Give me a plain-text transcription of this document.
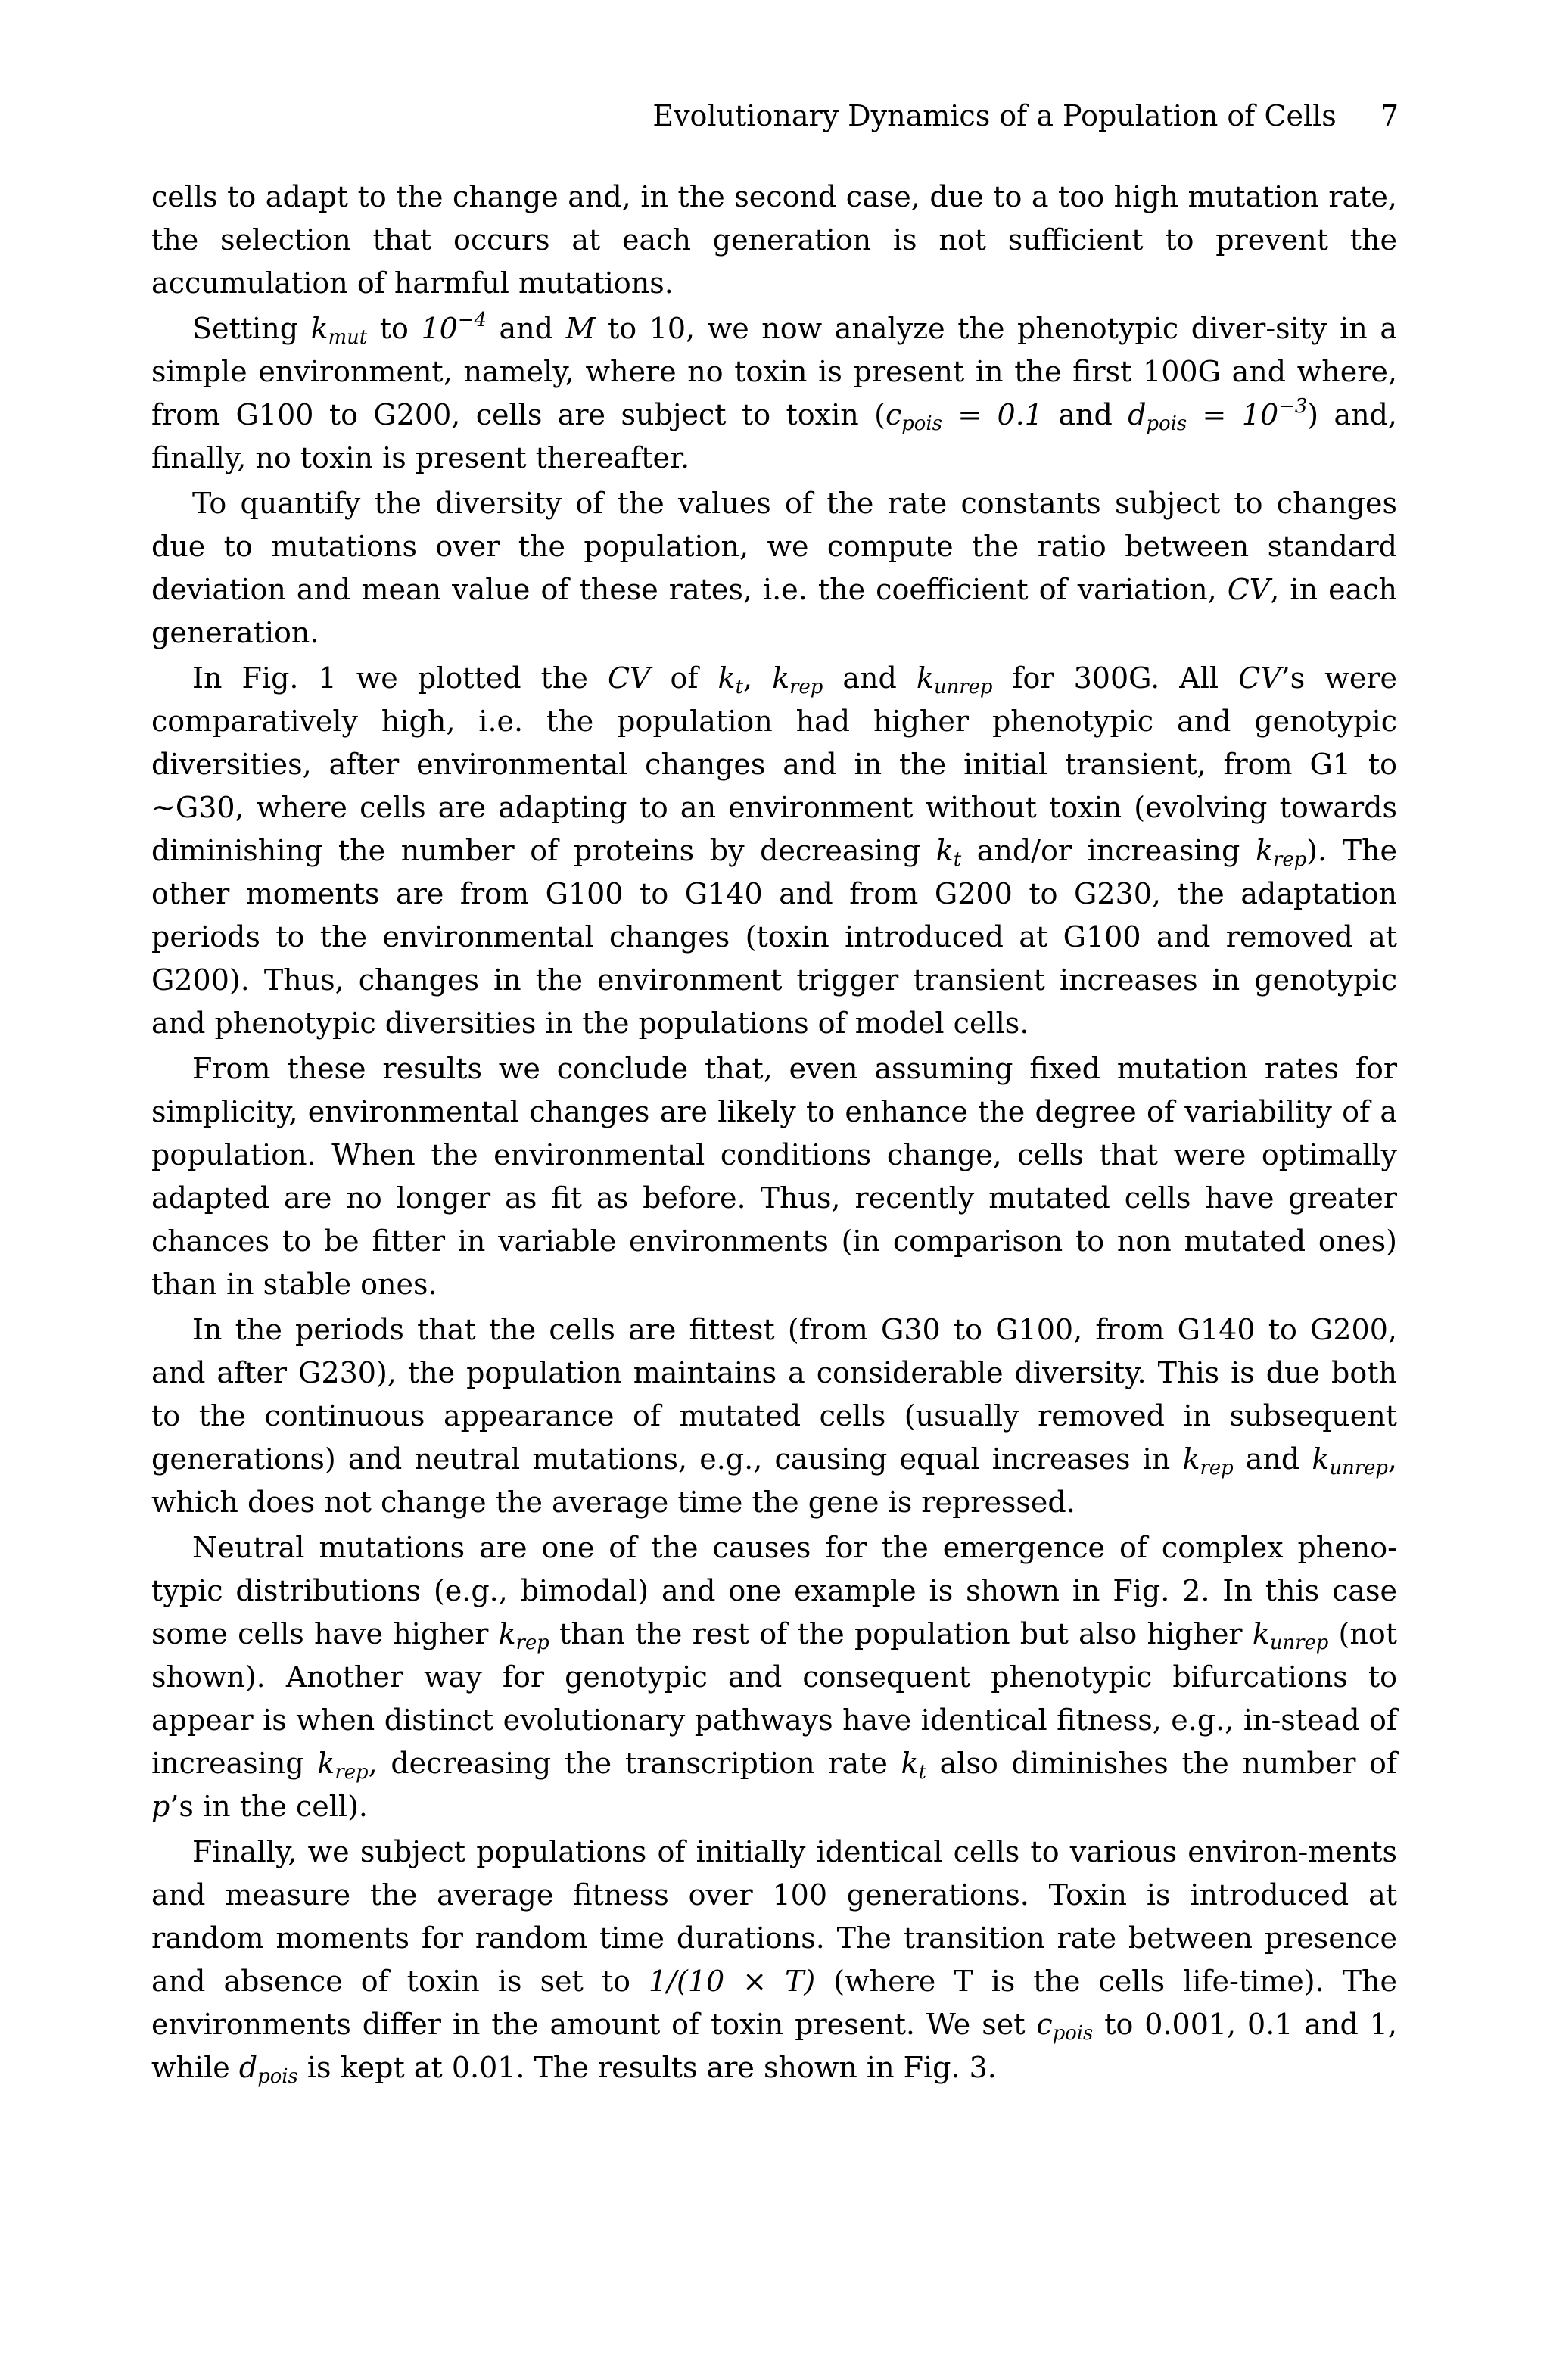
Evolutionary Dynamics of a Population of Cells 7

cells to adapt to the change and, in the second case, due to a too high mutation rate, the selection that occurs at each generation is not sufficient to prevent the accumulation of harmful mutations.

Setting $k_{mut}$ to $10^{-4}$ and M to 10, we now analyze the phenotypic diver-sity in a simple environment, namely, where no toxin is present in the first 100G and where, from G100 to G200, cells are subject to toxin ($c_{pois} = 0.1$ and $d_{pois} = 10^{-3}$) and, finally, no toxin is present thereafter.

To quantify the diversity of the values of the rate constants subject to changes due to mutations over the population, we compute the ratio between standard deviation and mean value of these rates, i.e. the coefficient of variation, CV, in each generation.

In Fig. 1 we plotted the CV of $k_t$, $k_{rep}$ and $k_{unrep}$ for 300G. All CV’s were comparatively high, i.e. the population had higher phenotypic and genotypic diversities, after environmental changes and in the initial transient, from G1 to ∼G30, where cells are adapting to an environment without toxin (evolving towards diminishing the number of proteins by decreasing $k_t$ and/or increasing $k_{rep}$). The other moments are from G100 to G140 and from G200 to G230, the adaptation periods to the environmental changes (toxin introduced at G100 and removed at G200). Thus, changes in the environment trigger transient increases in genotypic and phenotypic diversities in the populations of model cells.

From these results we conclude that, even assuming fixed mutation rates for simplicity, environmental changes are likely to enhance the degree of variability of a population. When the environmental conditions change, cells that were optimally adapted are no longer as fit as before. Thus, recently mutated cells have greater chances to be fitter in variable environments (in comparison to non mutated ones) than in stable ones.

In the periods that the cells are fittest (from G30 to G100, from G140 to G200, and after G230), the population maintains a considerable diversity. This is due both to the continuous appearance of mutated cells (usually removed in subsequent generations) and neutral mutations, e.g., causing equal increases in $k_{rep}$ and $k_{unrep}$, which does not change the average time the gene is repressed.

Neutral mutations are one of the causes for the emergence of complex pheno-typic distributions (e.g., bimodal) and one example is shown in Fig. 2. In this case some cells have higher $k_{rep}$ than the rest of the population but also higher $k_{unrep}$ (not shown). Another way for genotypic and consequent phenotypic bifurcations to appear is when distinct evolutionary pathways have identical fitness, e.g., in-stead of increasing $k_{rep}$, decreasing the transcription rate $k_t$ also diminishes the number of p’s in the cell).

Finally, we subject populations of initially identical cells to various environ-ments and measure the average fitness over 100 generations. Toxin is introduced at random moments for random time durations. The transition rate between presence and absence of toxin is set to 1/(10 × T) (where T is the cells life-time). The environments differ in the amount of toxin present. We set $c_{pois}$ to 0.001, 0.1 and 1, while $d_{pois}$ is kept at 0.01. The results are shown in Fig. 3.
